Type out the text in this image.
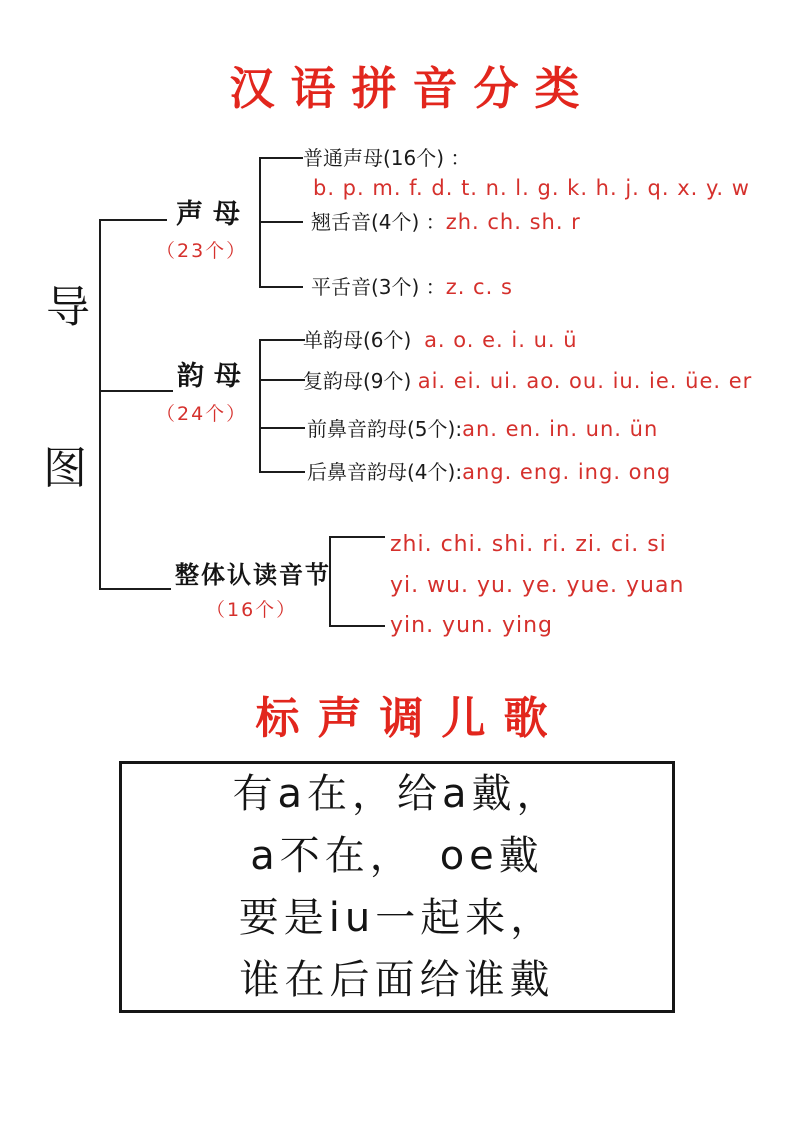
汉语拼音分类
导
图
声母
（23个）
普通声母(16个) ：
b. p. m. f. d. t. n. l. g. k. h. j. q. x. y. w
翘舌音(4个) ：zh. ch. sh. r
平舌音(3个) ：z. c. s
韵母
（24个）
单韵母(6个) a. o. e. i. u. ü
复韵母(9个) ai. ei. ui. ao. ou. iu. ie. üe. er
前鼻音韵母(5个):an. en. in. un. ün
后鼻音韵母(4个):ang. eng. ing. ong
整体认读音节
（16个）
zhi. chi. shi. ri. zi. ci. si
yi. wu. yu. ye. yue. yuan
yin. yun. ying
标声调儿歌
有a在，给a戴，
a不在，　oe戴
要是iu一起来，
谁在后面给谁戴
